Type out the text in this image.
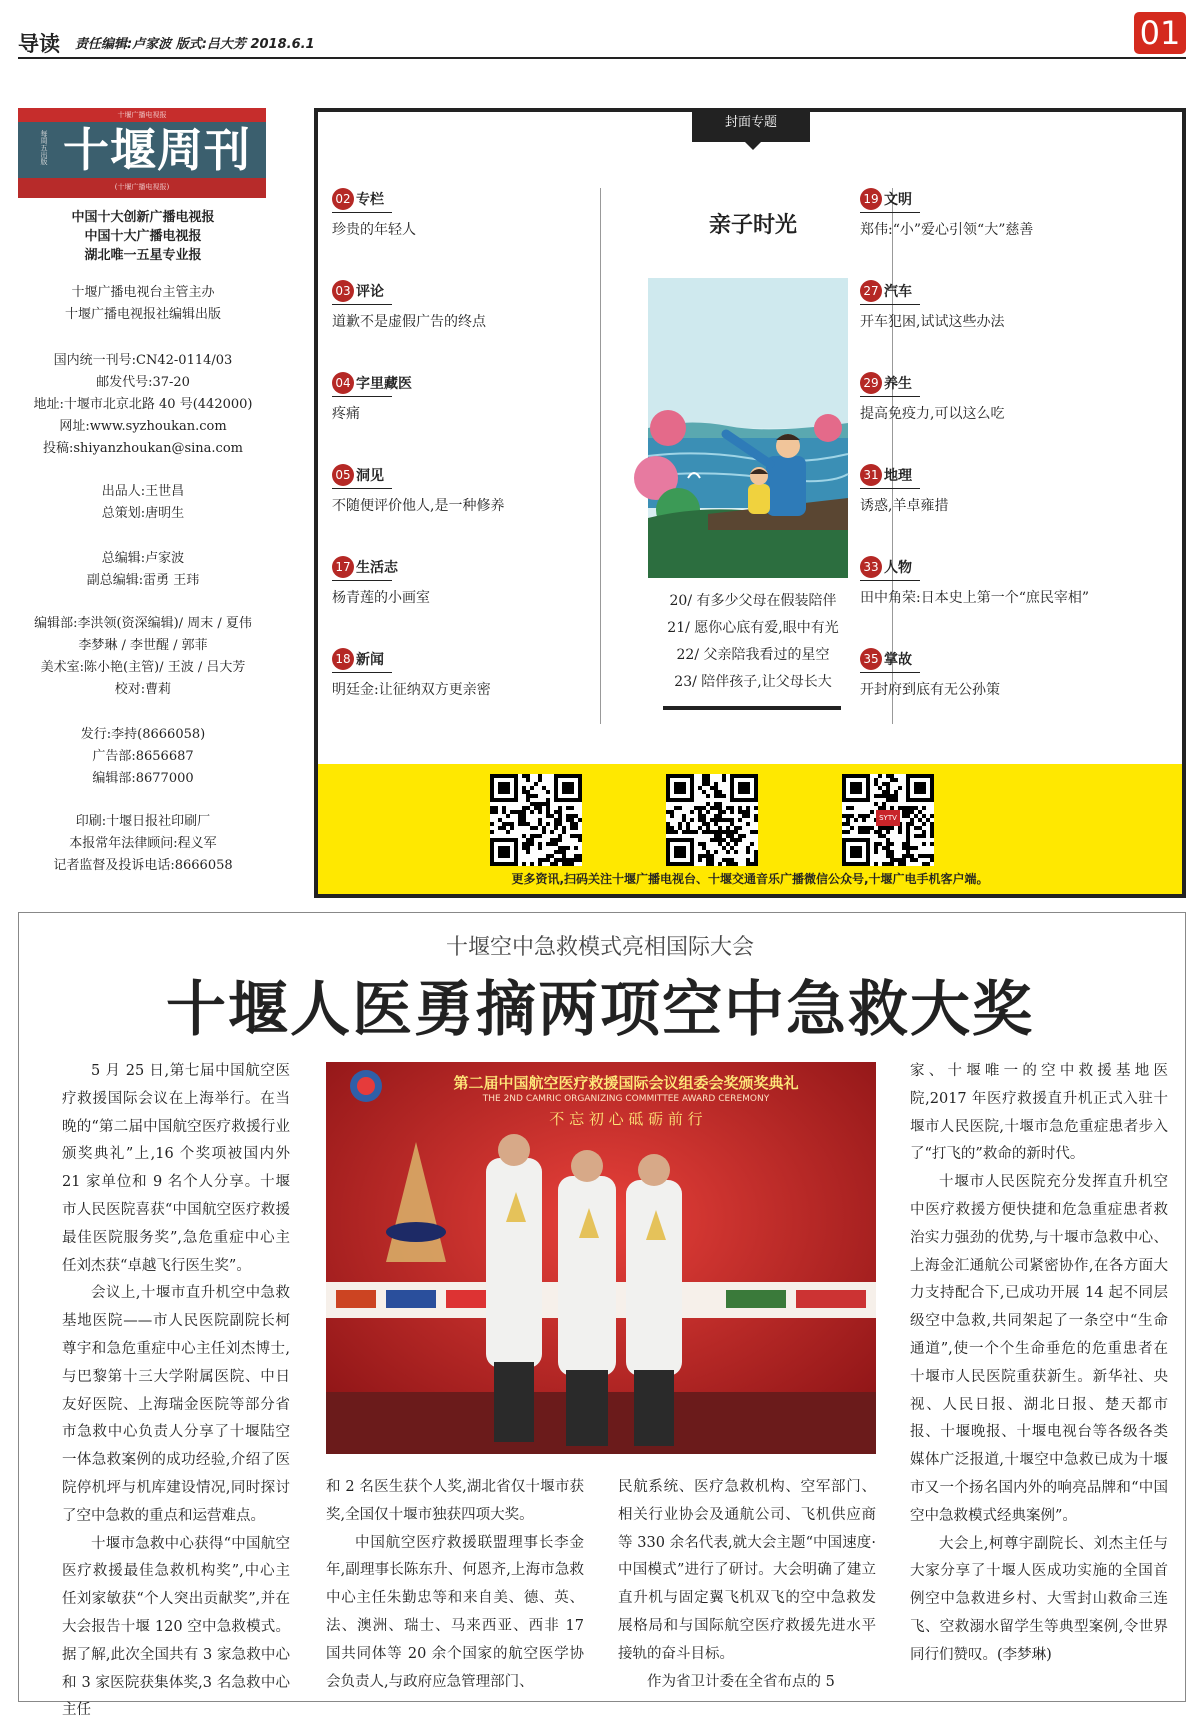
导读 责任编辑:卢家波 版式:吕大芳 2018.6.1	01
十堰广播电视报
每周五出版 十堰周刊
(十堰广播电视报)
中国十大创新广播电视报
中国十大广播电视报
湖北唯一五星专业报
十堰广播电视台主管主办
十堰广播电视报社编辑出版
国内统一刊号:CN42-0114/03
邮发代号:37-20
地址:十堰市北京北路 40 号(442000)
网址:www.syzhoukan.com
投稿:shiyanzhoukan@sina.com
出品人:王世昌
总策划:唐明生
总编辑:卢家波
副总编辑:雷勇 王玮
编辑部:李洪领(资深编辑)/ 周末 / 夏伟
李梦琳 / 李世醒 / 郭菲
美术室:陈小艳(主管)/ 王波 / 吕大芳
校对:曹莉
发行:李持(8666058)
广告部:8656687
编辑部:8677000
印刷:十堰日报社印刷厂
本报常年法律顾问:程义军
记者监督及投诉电话:8666058
封面专题
02 专栏
珍贵的年轻人
03 评论
道歉不是虚假广告的终点
04 字里藏医
疼痛
05 洞见
不随便评价他人,是一种修养
17 生活志
杨青莲的小画室
18 新闻
明廷金:让征纳双方更亲密
19 文明
郑伟:“小”爱心引领“大”慈善
27 汽车
开车犯困,试试这些办法
29 养生
提高免疫力,可以这么吃
31 地理
诱惑,羊卓雍措
33 人物
田中角荣:日本史上第一个“庶民宰相”
35 掌故
开封府到底有无公孙策
亲子时光
20/ 有多少父母在假装陪伴
21/ 愿你心底有爱,眼中有光
22/ 父亲陪我看过的星空
23/ 陪伴孩子,让父母长大
SYTV
更多资讯,扫码关注十堰广播电视台、十堰交通音乐广播微信公众号,十堰广电手机客户端。
十堰空中急救模式亮相国际大会
十堰人医勇摘两项空中急救大奖

5 月 25 日,第七届中国航空医疗救援国际会议在上海举行。在当晚的“第二届中国航空医疗救援行业颁奖典礼”上,16 个奖项被国内外 21 家单位和 9 名个人分享。十堰市人民医院喜获“中国航空医疗救援最佳医院服务奖”,急危重症中心主任刘杰获“卓越飞行医生奖”。

会议上,十堰市直升机空中急救基地医院——市人民医院副院长柯尊宇和急危重症中心主任刘杰博士,与巴黎第十三大学附属医院、中日友好医院、上海瑞金医院等部分省市急救中心负责人分享了十堰陆空一体急救案例的成功经验,介绍了医院停机坪与机库建设情况,同时探讨了空中急救的重点和运营难点。

十堰市急救中心获得“中国航空医疗救援最佳急救机构奖”,中心主任刘家敏获“个人突出贡献奖”,并在大会报告十堰 120 空中急救模式。据了解,此次全国共有 3 家急救中心和 3 家医院获集体奖,3 名急救中心主任

第二届中国航空医疗救援国际会议组委会奖颁奖典礼
THE 2ND CAMRIC ORGANIZING COMMITTEE AWARD CEREMONY
不 忘 初 心 砥 砺 前 行

和 2 名医生获个人奖,湖北省仅十堰市获奖,全国仅十堰市独获四项大奖。

中国航空医疗救援联盟理事长李金年,副理事长陈东升、何恩齐,上海市急救中心主任朱勤忠等和来自美、德、英、法、澳洲、瑞士、马来西亚、西非 17 国共同体等 20 余个国家的航空医学协会负责人,与政府应急管理部门、

民航系统、医疗急救机构、空军部门、相关行业协会及通航公司、飞机供应商等 330 余名代表,就大会主题“中国速度·中国模式”进行了研讨。大会明确了建立直升机与固定翼飞机双飞的空中急救发展格局和与国际航空医疗救援先进水平接轨的奋斗目标。

作为省卫计委在全省布点的 5

家、十堰唯一的空中救援基地医院,2017 年医疗救援直升机正式入驻十堰市人民医院,十堰市急危重症患者步入了“打飞的”救命的新时代。

十堰市人民医院充分发挥直升机空中医疗救援方便快捷和危急重症患者救治实力强劲的优势,与十堰市急救中心、上海金汇通航公司紧密协作,在各方面大力支持配合下,已成功开展 14 起不同层级空中急救,共同架起了一条空中“生命通道”,使一个个生命垂危的危重患者在十堰市人民医院重获新生。新华社、央视、人民日报、湖北日报、楚天都市报、十堰晚报、十堰电视台等各级各类媒体广泛报道,十堰空中急救已成为十堰市又一个扬名国内外的响亮品牌和“中国空中急救模式经典案例”。

大会上,柯尊宇副院长、刘杰主任与大家分享了十堰人医成功实施的全国首例空中急救进乡村、大雪封山救命三连飞、空救溺水留学生等典型案例,令世界同行们赞叹。(李梦琳)
